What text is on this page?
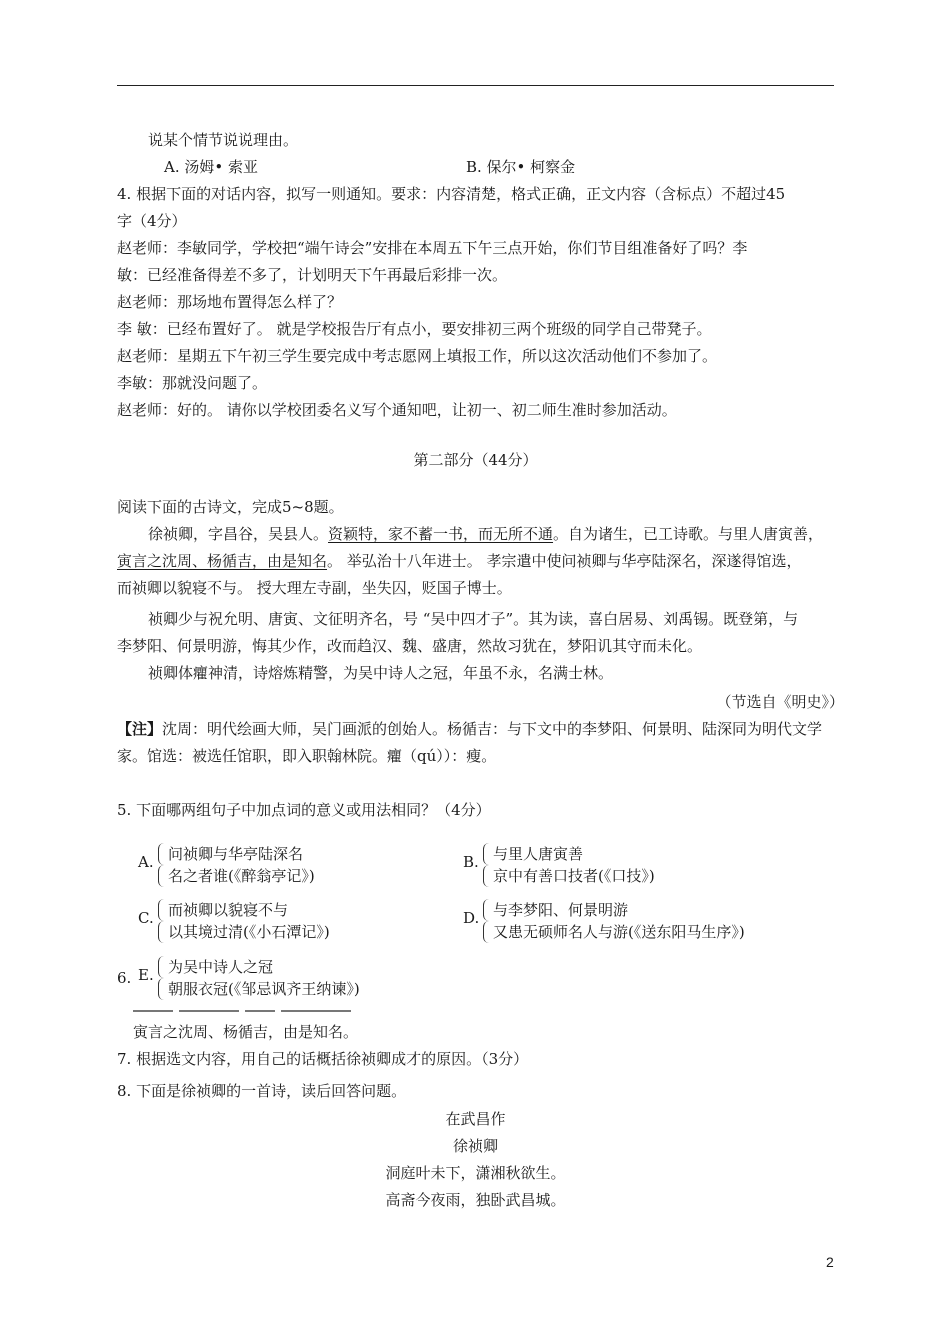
说某个情节说说理由。
A. 汤姆• 索亚	B. 保尔• 柯察金
4. 根据下面的对话内容，拟写一则通知。要求：内容清楚，格式正确，正文内容（含标点）不超过45
字（4分）
赵老师：李敏同学，学校把“端午诗会”安排在本周五下午三点开始，你们节目组准备好了吗？李
敏：已经准备得差不多了，计划明天下午再最后彩排一次。
赵老师：那场地布置得怎么样了？
李 敏：已经布置好了。 就是学校报告厅有点小，要安排初三两个班级的同学自己带凳子。
赵老师：星期五下午初三学生要完成中考志愿网上填报工作，所以这次活动他们不参加了。
李敏：那就没问题了。
赵老师：好的。 请你以学校团委名义写个通知吧，让初一、初二师生准时参加活动。
第二部分（44分）
阅读下面的古诗文，完成5~8题。
徐祯卿，字昌谷，吴县人。资颖特，家不蓄一书，而无所不通。自为诸生，已工诗歌。与里人唐寅善，
寅言之沈周、杨循吉，由是知名。 举弘治十八年进士。 孝宗遣中使问祯卿与华亭陆深名，深遂得馆选，
而祯卿以貌寝不与。 授大理左寺副，坐失囚，贬国子博士。
祯卿少与祝允明、唐寅、文征明齐名，号 “吴中四才子”。其为读，喜白居易、刘禹锡。既登第，与
李梦阳、何景明游，悔其少作，改而趋汉、魏、盛唐，然故习犹在，梦阳讥其守而未化。
祯卿体癯神清，诗熔炼精警，为吴中诗人之冠，年虽不永，名满士林。
（节选自《明史》）
【注】沈周：明代绘画大师，吴门画派的创始人。杨循吉：与下文中的李梦阳、何景明、陆深同为明代文学
家。馆选：被选任馆职，即入职翰林院。癯（qú））：瘦。
5. 下面哪两组句子中加点词的意义或用法相同？（4分）
A. 问祯卿与华亭陆深名
名之者谁(《醉翁亭记》)
B. 与里人唐寅善
京中有善口技者(《口技》)
C. 而祯卿以貌寝不与
以其境过清(《小石潭记》)
D. 与李梦阳、何景明游
又患无硕师名人与游(《送东阳马生序》)
6. E. 为吴中诗人之冠
朝服衣冠(《邹忌讽齐王纳谏》)
寅言之沈周、杨循吉，由是知名。
7. 根据选文内容，用自己的话概括徐祯卿成才的原因。（3分）
8. 下面是徐祯卿的一首诗，读后回答问题。
在武昌作
徐祯卿
洞庭叶未下，潇湘秋欲生。
高斋今夜雨，独卧武昌城。
2
